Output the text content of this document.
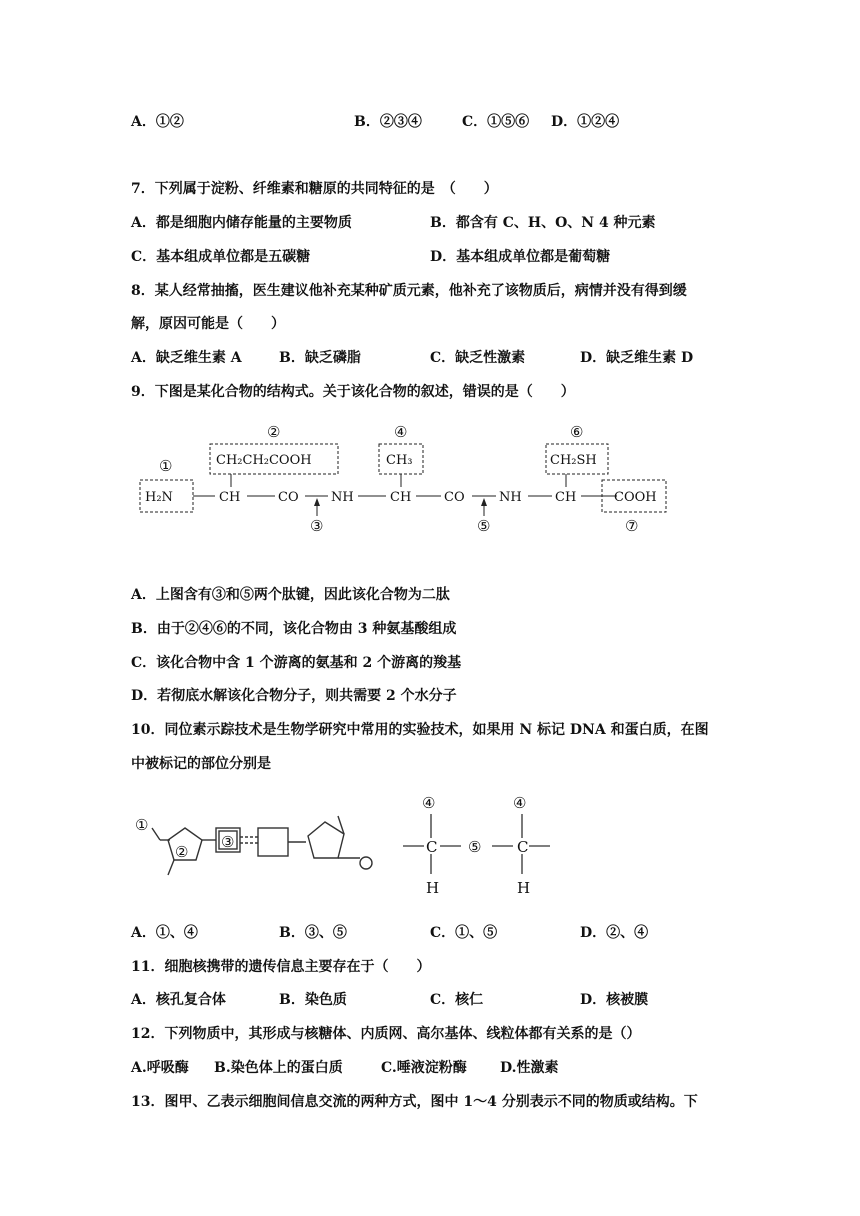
A．①②	B．②③④	C．①⑤⑥ D．①②④
7．下列属于淀粉、纤维素和糖原的共同特征的是　（　　）
A．都是细胞内储存能量的主要物质	B．都含有 C、H、O、N 4 种元素
C．基本组成单位都是五碳糖	D．基本组成单位都是葡萄糖
8．某人经常抽搐，医生建议他补充某种矿质元素，他补充了该物质后，病情并没有得到缓
解，原因可能是（　　）
A．缺乏维生素 A	B．缺乏磷脂	C．缺乏性激素	D．缺乏维生素 D
9．下图是某化合物的结构式。关于该化合物的叙述，错误的是（　　）
①
②
③
④
⑤
⑥
⑦
CH₂CH₂COOH	CH₃	CH₂SH
H₂N	CH	CO NH	CH	CO	NH	CH	COOH
A．上图含有③和⑤两个肽键，因此该化合物为二肽
B．由于②④⑥的不同，该化合物由 3 种氨基酸组成
C．该化合物中含 1 个游离的氨基和 2 个游离的羧基
D．若彻底水解该化合物分子，则共需要 2 个水分子
10．同位素示踪技术是生物学研究中常用的实验技术，如果用 N 标记 DNA 和蛋白质，在图
中被标记的部位分别是
①
②
③
④	④
⑤
C	C
H	H
A．①、④	B．③、⑤	C．①、⑤	D．②、④
11．细胞核携带的遗传信息主要存在于（　　）
A．核孔复合体	B．染色质	C．核仁	D．核被膜
12．下列物质中，其形成与核糖体、内质网、高尔基体、线粒体都有关系的是（）
A.呼吸酶 B.染色体上的蛋白质	C.唾液淀粉酶 D.性激素
13．图甲、乙表示细胞间信息交流的两种方式，图中 1～4 分别表示不同的物质或结构。下
